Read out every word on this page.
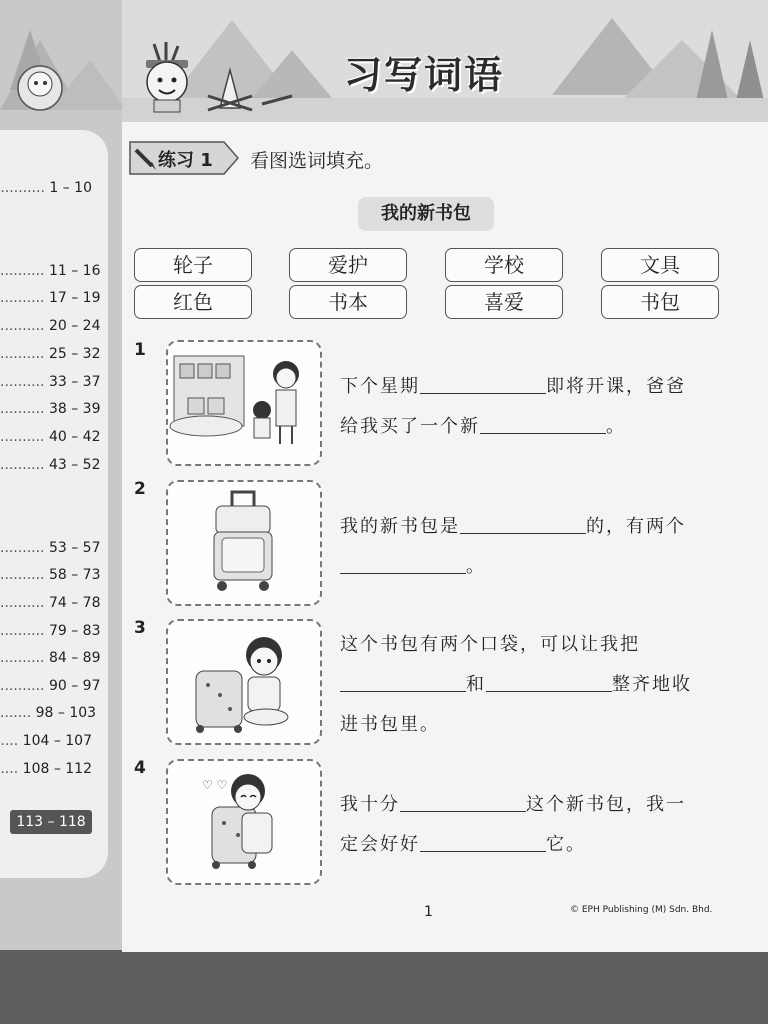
.......... 1 – 10
.......... 11 – 16
.......... 17 – 19
.......... 20 – 24
.......... 25 – 32
.......... 33 – 37
.......... 38 – 39
.......... 40 – 42
.......... 43 – 52
.......... 53 – 57
.......... 58 – 73
.......... 74 – 78
.......... 79 – 83
.......... 84 – 89
.......... 90 – 97
....... 98 – 103
.... 104 – 107
.... 108 – 112
113 – 118
习写词语
练习 1 看图选词填充。
我的新书包
轮子	爱护	学校	文具
红色	书本	喜爱	书包
1
下个星期	即将开课，爸爸
给我买了一个新	。
2
我的新书包是	的，有两个
。
3
这个书包有两个口袋，可以让我把
和	整齐地收
进书包里。
4
♡ ♡
我十分	这个新书包，我一
定会好好	它。
1	© EPH Publishing (M) Sdn. Bhd.
